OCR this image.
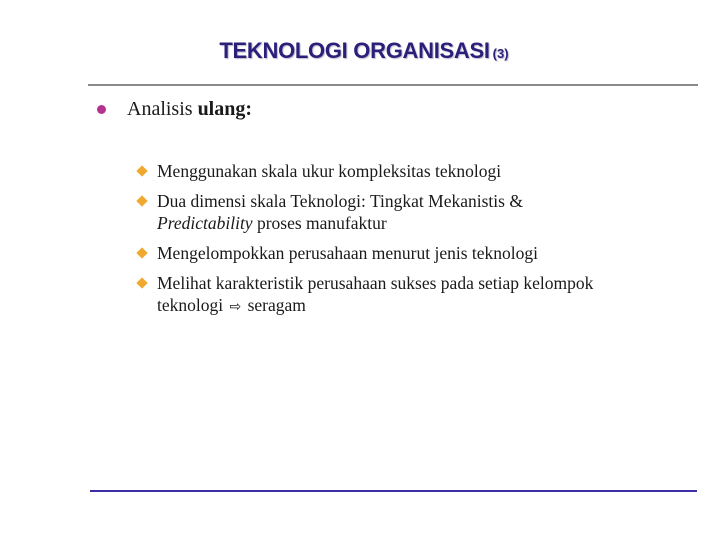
TEKNOLOGI ORGANISASI (3)
Analisis ulang:
Menggunakan skala ukur kompleksitas teknologi
Dua dimensi skala Teknologi: Tingkat Mekanistis &
Predictability proses manufaktur
Mengelompokkan perusahaan menurut jenis teknologi
Melihat karakteristik perusahaan sukses pada setiap kelompok
teknologi ⇨ seragam
